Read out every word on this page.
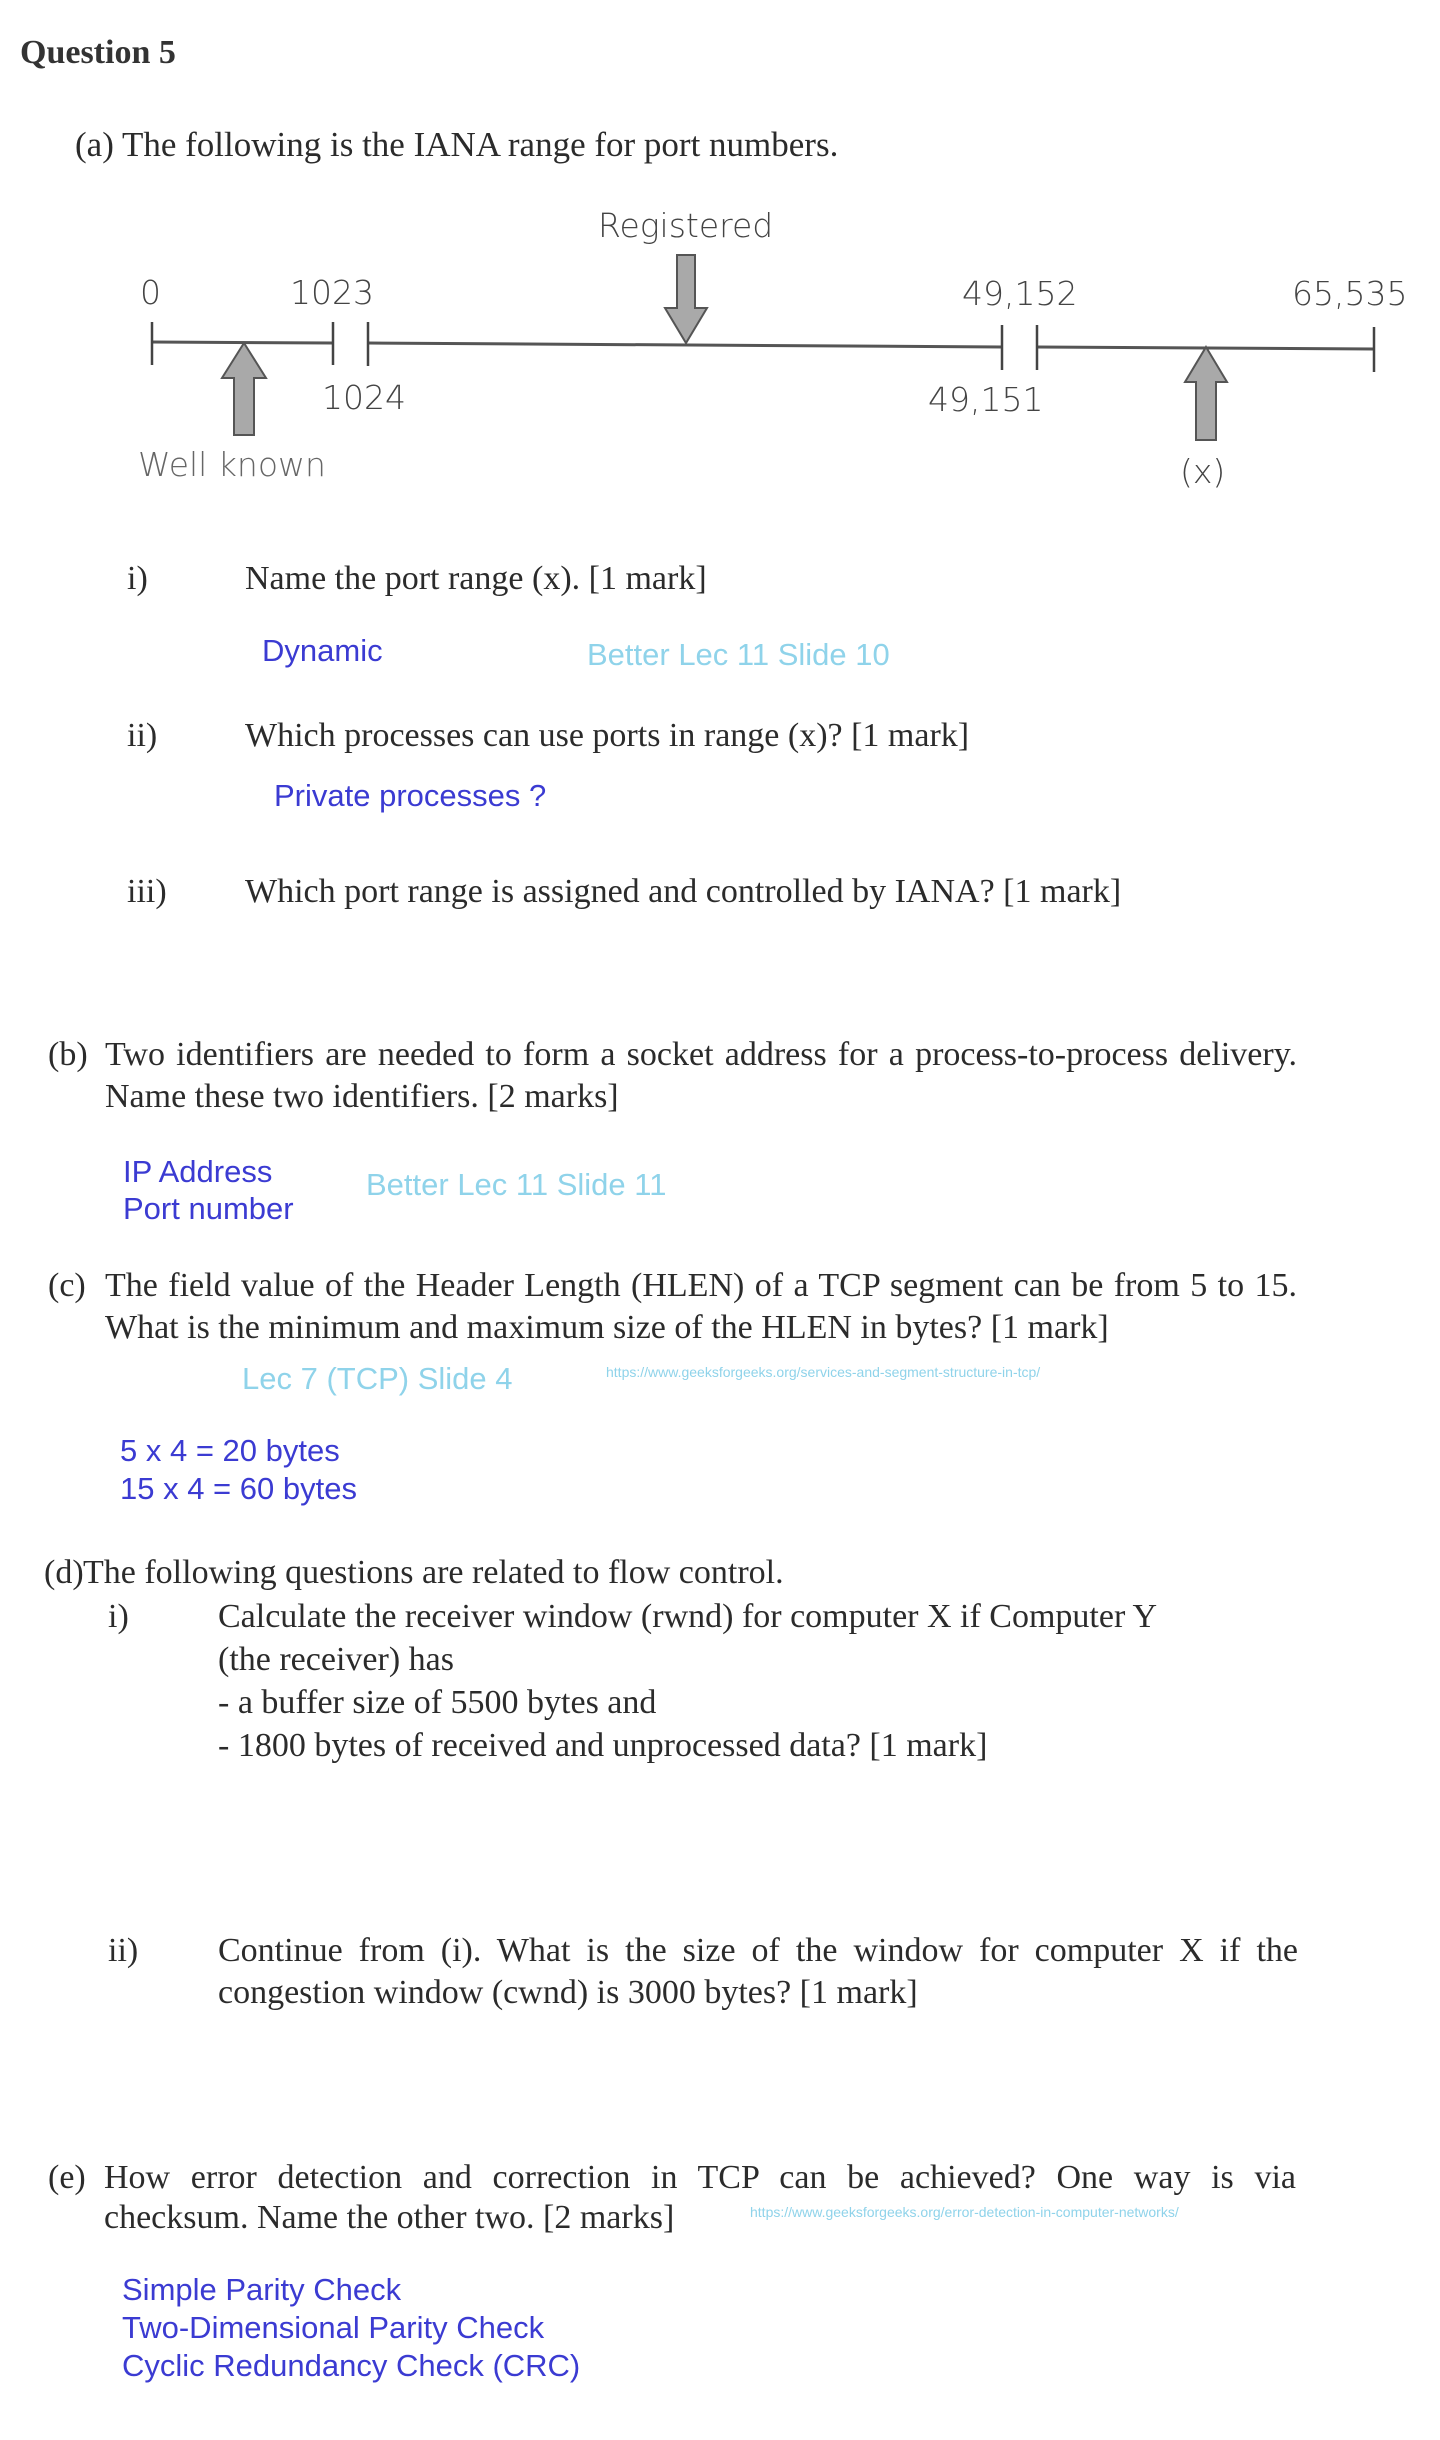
Question 5
(a) The following is the IANA range for port numbers.
Registered
0	1023	49,152	65,535
1024	49,151
Well known	(x)
i)	Name the port range (x). [1 mark]
Dynamic	Better Lec 11 Slide 10
ii)	Which processes can use ports in range (x)? [1 mark]
Private processes ?
iii) Which port range is assigned and controlled by IANA? [1 mark]
(b) Two identifiers are needed to form a socket address for a process-to-process delivery. Name these two identifiers. [2 marks]
IP Address
Port number
Better Lec 11 Slide 11
(c) The field value of the Header Length (HLEN) of a TCP segment can be from 5 to 15. What is the minimum and maximum size of the HLEN in bytes? [1 mark]
Lec 7 (TCP) Slide 4	https://www.geeksforgeeks.org/services-and-segment-structure-in-tcp/
5 x 4 = 20 bytes
15 x 4 = 60 bytes
(d) The following questions are related to flow control.
i)	Calculate the receiver window (rwnd) for computer X if Computer Y
(the receiver) has
- a buffer size of 5500 bytes and
- 1800 bytes of received and unprocessed data? [1 mark]
ii) Continue from (i). What is the size of the window for computer X if the congestion window (cwnd) is 3000 bytes? [1 mark]
(e) How error detection and correction in TCP can be achieved? One way is via
checksum. Name the other two. [2 marks]	https://www.geeksforgeeks.org/error-detection-in-computer-networks/
Simple Parity Check
Two-Dimensional Parity Check
Cyclic Redundancy Check (CRC)
